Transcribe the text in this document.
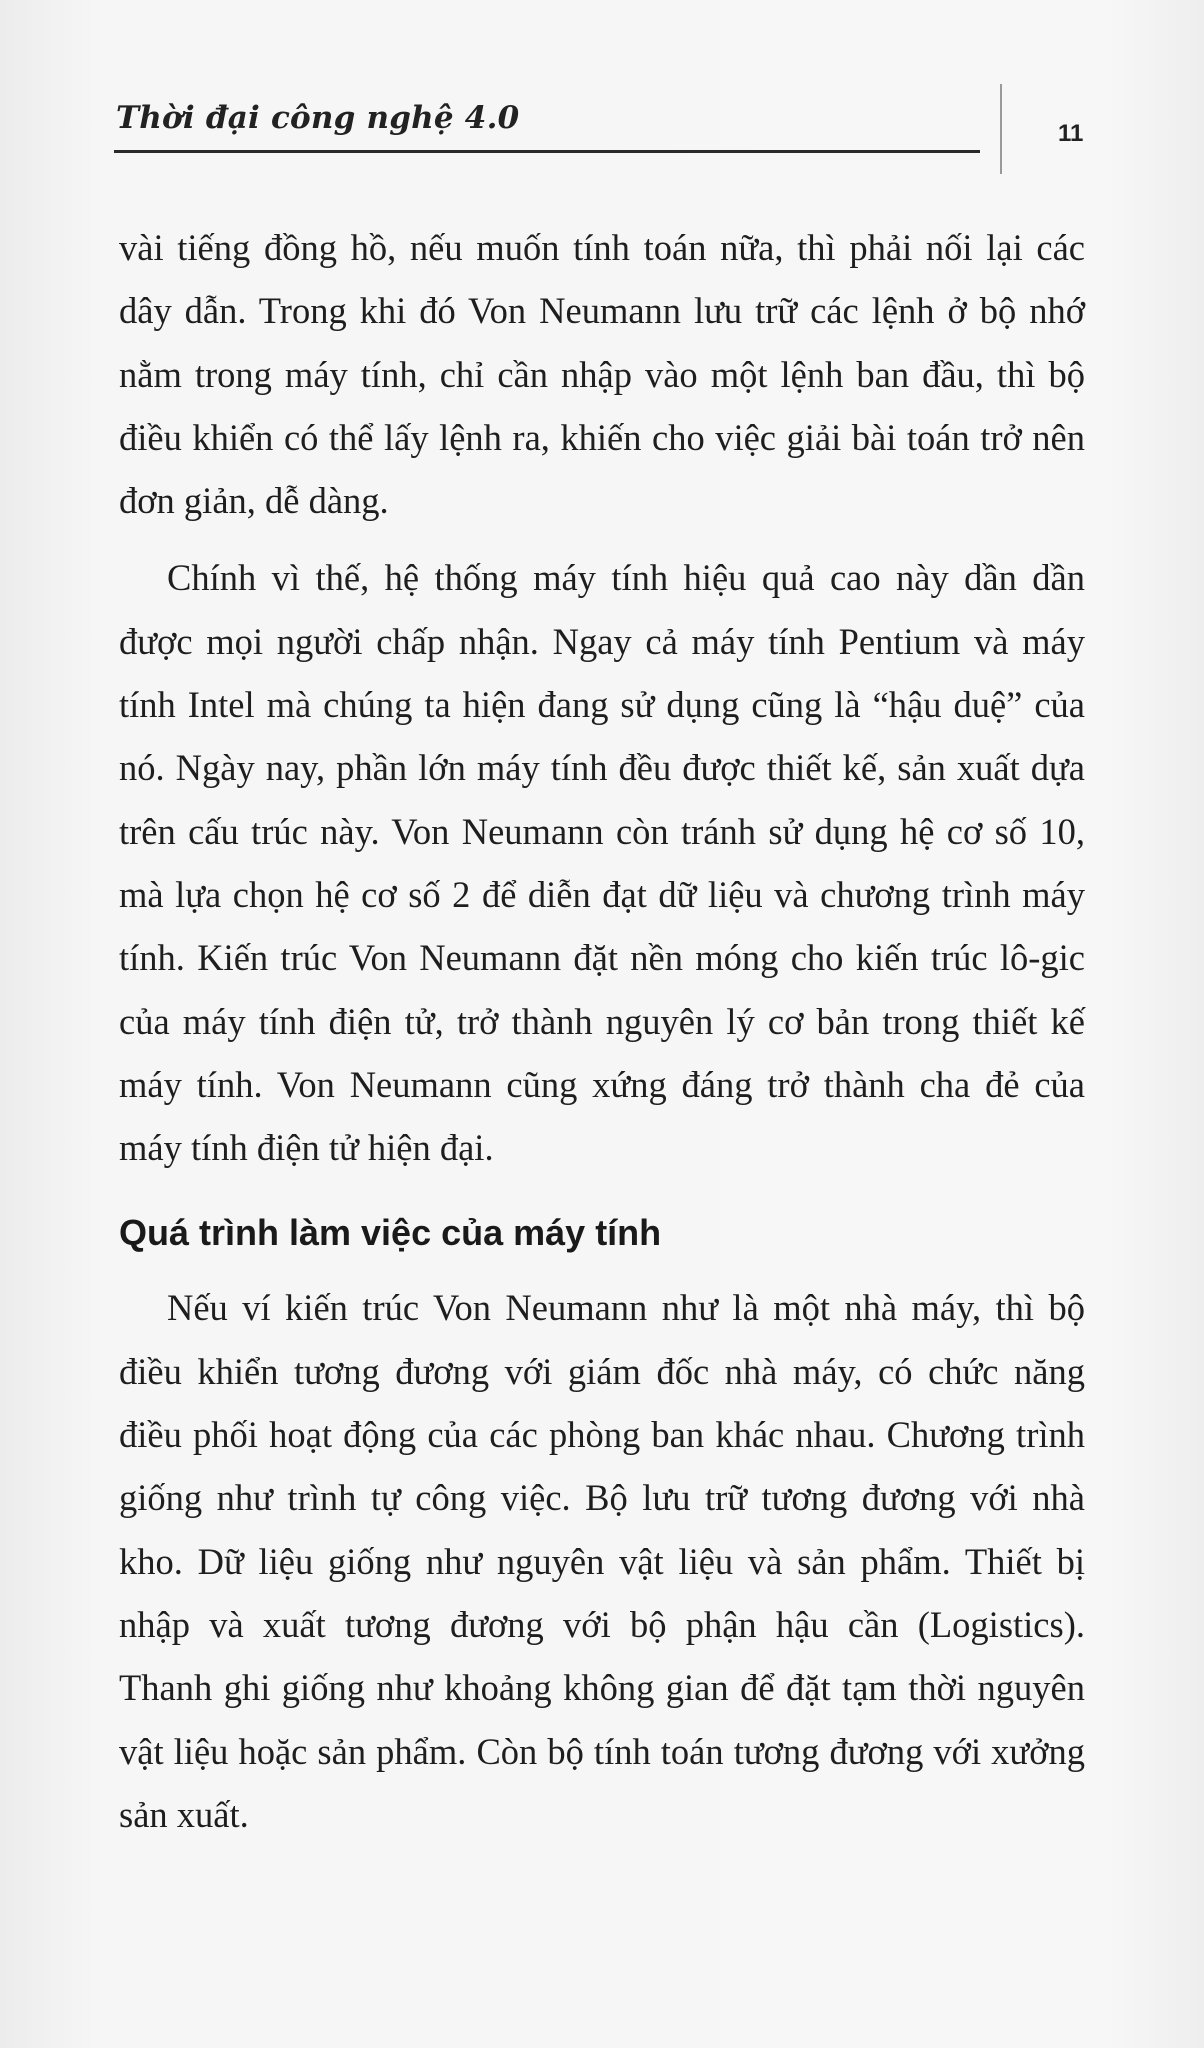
Thời đại công nghệ 4.0	11

vài tiếng đồng hồ, nếu muốn tính toán nữa, thì phải nối lại các dây dẫn. Trong khi đó Von Neumann lưu trữ các lệnh ở bộ nhớ nằm trong máy tính, chỉ cần nhập vào một lệnh ban đầu, thì bộ điều khiển có thể lấy lệnh ra, khiến cho việc giải bài toán trở nên đơn giản, dễ dàng.

Chính vì thế, hệ thống máy tính hiệu quả cao này dần dần được mọi người chấp nhận. Ngay cả máy tính Pentium và máy tính Intel mà chúng ta hiện đang sử dụng cũng là “hậu duệ” của nó. Ngày nay, phần lớn máy tính đều được thiết kế, sản xuất dựa trên cấu trúc này. Von Neumann còn tránh sử dụng hệ cơ số 10, mà lựa chọn hệ cơ số 2 để diễn đạt dữ liệu và chương trình máy tính. Kiến trúc Von Neumann đặt nền móng cho kiến trúc lô-gic của máy tính điện tử, trở thành nguyên lý cơ bản trong thiết kế máy tính. Von Neumann cũng xứng đáng trở thành cha đẻ của máy tính điện tử hiện đại.

Quá trình làm việc của máy tính

Nếu ví kiến trúc Von Neumann như là một nhà máy, thì bộ điều khiển tương đương với giám đốc nhà máy, có chức năng điều phối hoạt động của các phòng ban khác nhau. Chương trình giống như trình tự công việc. Bộ lưu trữ tương đương với nhà kho. Dữ liệu giống như nguyên vật liệu và sản phẩm. Thiết bị nhập và xuất tương đương với bộ phận hậu cần (Logistics). Thanh ghi giống như khoảng không gian để đặt tạm thời nguyên vật liệu hoặc sản phẩm. Còn bộ tính toán tương đương với xưởng sản xuất.
